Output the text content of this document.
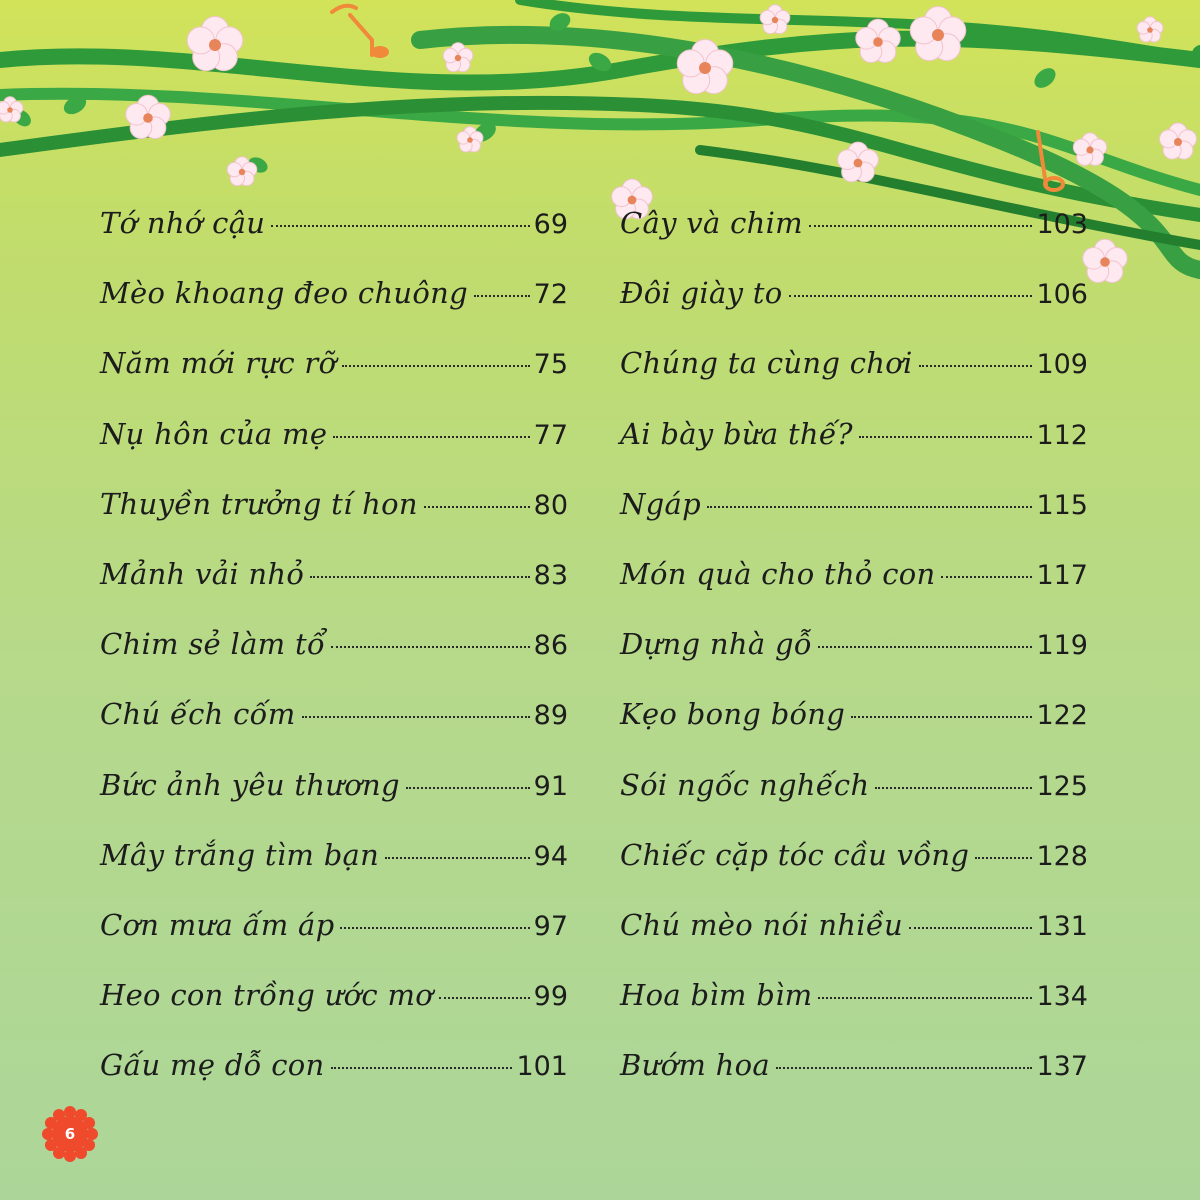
Tớ nhớ cậu	69
Mèo khoang đeo chuông 72
Năm mới rực rỡ	75
Nụ hôn của mẹ	77
Thuyền trưởng tí hon	80
Mảnh vải nhỏ	83
Chim sẻ làm tổ	86
Chú ếch cốm	89
Bức ảnh yêu thương	91
Mây trắng tìm bạn	94
Cơn mưa ấm áp	97
Heo con trồng ước mơ	99
Gấu mẹ dỗ con	101
Cây và chim	103
Đôi giày to	106
Chúng ta cùng chơi	109
Ai bày bừa thế?	112
Ngáp	115
Món quà cho thỏ con	117
Dựng nhà gỗ	119
Kẹo bong bóng	122
Sói ngốc nghếch	125
Chiếc cặp tóc cầu vồng 128
Chú mèo nói nhiều	131
Hoa bìm bìm	134
Bướm hoa	137
6
